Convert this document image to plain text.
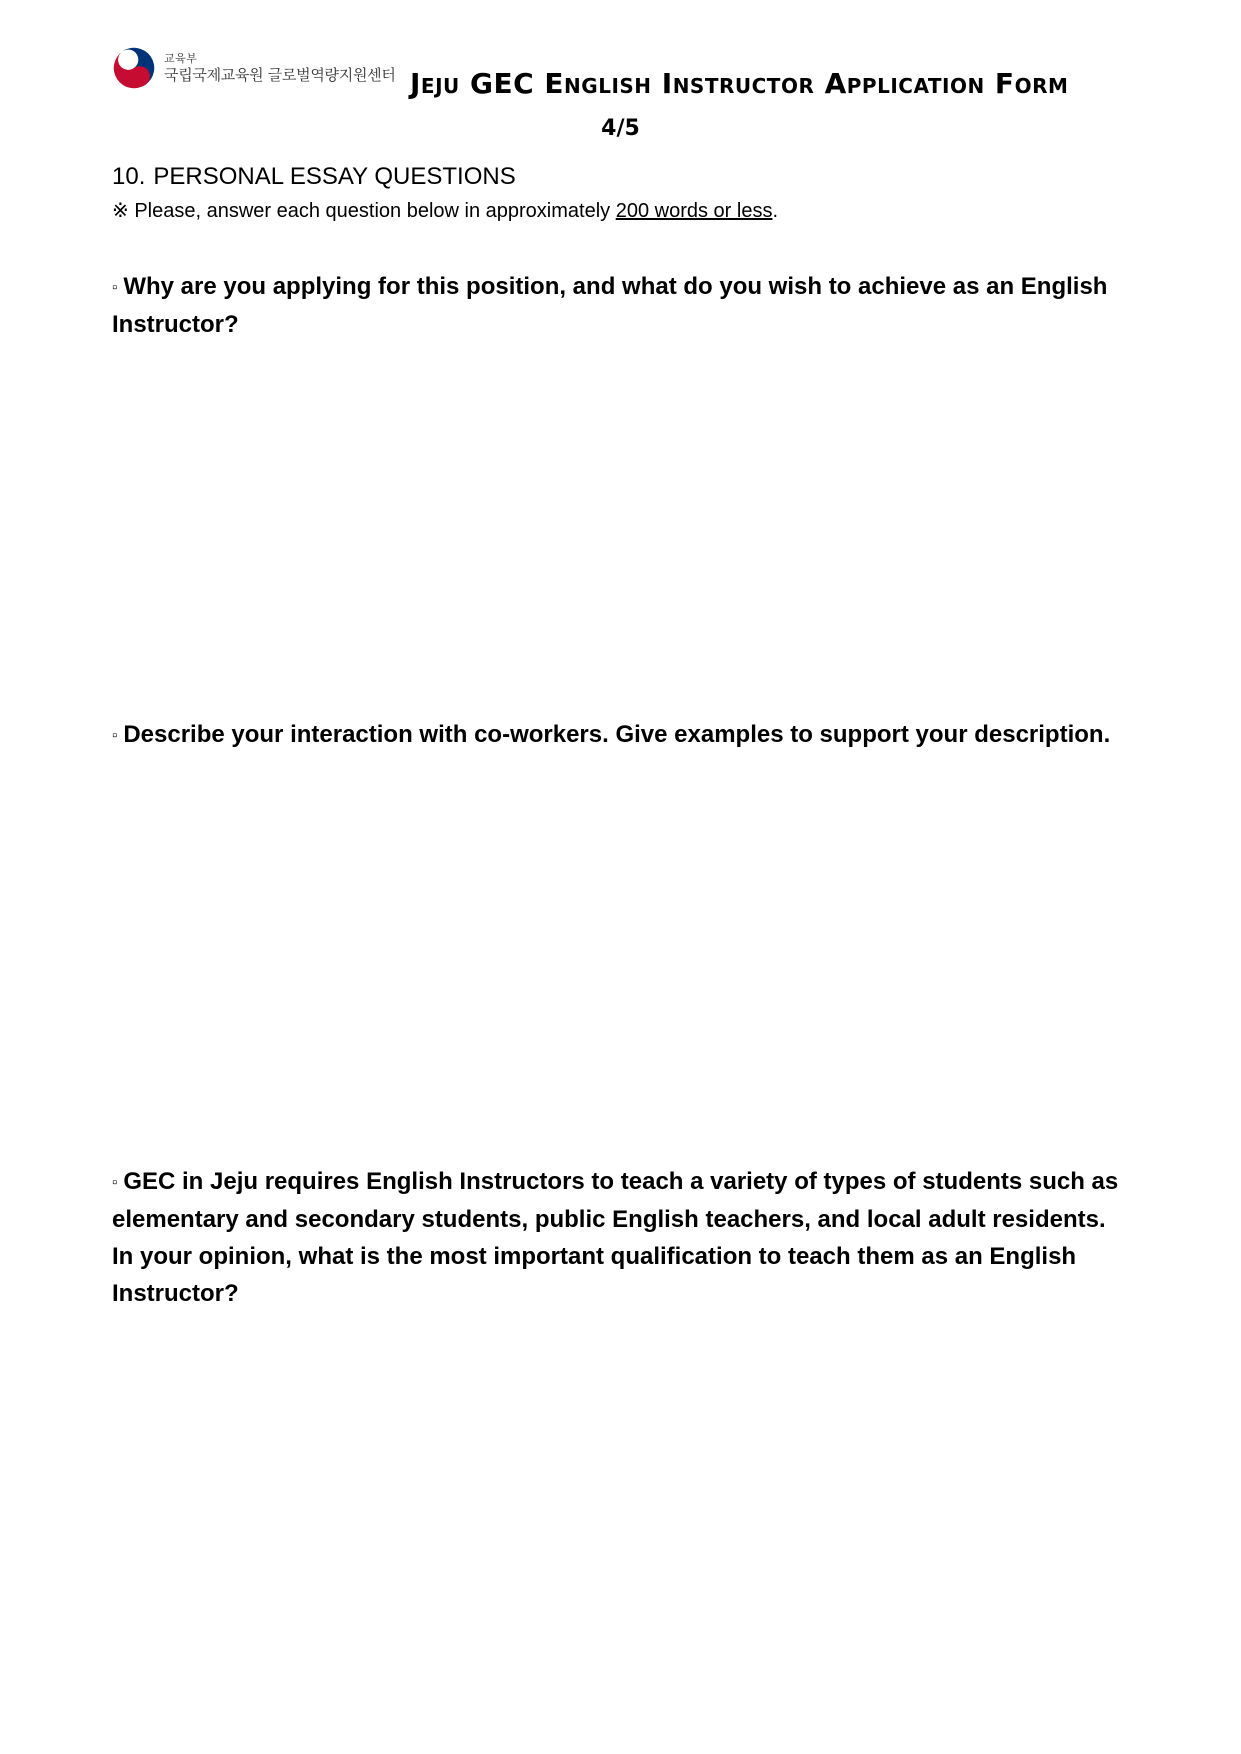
교육부
국립국제교육원 글로벌역량지원센터 Jeju GEC English Instructor Application Form
4/5
10. PERSONAL ESSAY QUESTIONS

※ Please, answer each question below in approximately 200 words or less.

▫ Why are you applying for this position, and what do you wish to achieve as an English Instructor?

▫ Describe your interaction with co-workers. Give examples to support your description.

▫ GEC in Jeju requires English Instructors to teach a variety of types of students such as elementary and secondary students, public English teachers, and local adult residents. In your opinion, what is the most important qualification to teach them as an English Instructor?
